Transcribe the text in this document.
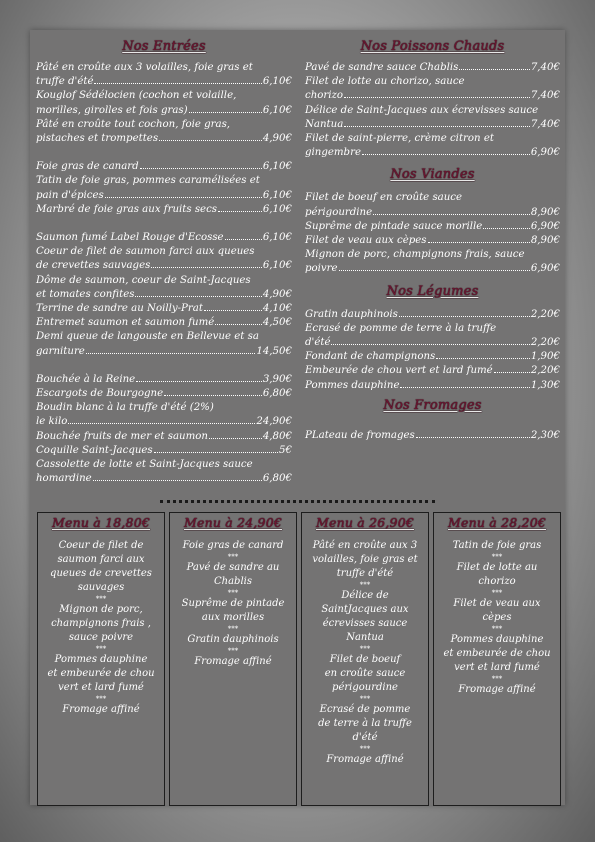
Nos Entrées
Pâté en croûte aux 3 volailles, foie gras et
truffe d'été	6,10€
Kouglof Sédélocien (cochon et volaille,
morilles, girolles et fois gras)	6,10€
Pâté en croûte tout cochon, foie gras,
pistaches et trompettes	4,90€
Foie gras de canard	6,10€
Tatin de foie gras, pommes caramélisées et
pain d'épices	6,10€
Marbré de foie gras aux fruits secs	6,10€
Saumon fumé Label Rouge d'Ecosse	6,10€
Coeur de filet de saumon farci aux queues
de crevettes sauvages	6,10€
Dôme de saumon, coeur de Saint-Jacques
et tomates confites	4,90€
Terrine de sandre au Noilly-Prat	4,10€
Entremet saumon et saumon fumé	4,50€
Demi queue de langouste en Bellevue et sa
garniture	14,50€
Bouchée à la Reine	3,90€
Escargots de Bourgogne	6,80€
Boudin blanc à la truffe d'été (2%)
le kilo	24,90€
Bouchée fruits de mer et saumon	4,80€
Coquille Saint-Jacques	5€
Cassolette de lotte et Saint-Jacques sauce
homardine	6,80€
Nos Poissons Chauds
Pavé de sandre sauce Chablis	7,40€
Filet de lotte au chorizo, sauce
chorizo	7,40€
Délice de Saint-Jacques aux écrevisses sauce
Nantua	7,40€
Filet de saint-pierre, crème citron et
gingembre	6,90€
Nos Viandes
Filet de boeuf en croûte sauce
périgourdine	8,90€
Suprême de pintade sauce morille	6,90€
Filet de veau aux cèpes	8,90€
Mignon de porc, champignons frais, sauce
poivre	6,90€
Nos Légumes
Gratin dauphinois	2,20€
Ecrasé de pomme de terre à la truffe
d'été	2,20€
Fondant de champignons	1,90€
Embeurée de chou vert et lard fumé	2,20€
Pommes dauphine	1,30€
Nos Fromages
PLateau de fromages	2,30€
Menu à 18,80€
Coeur de filet de
saumon farci aux
queues de crevettes
sauvages
***
Mignon de porc,
champignons frais ,
sauce poivre
***
Pommes dauphine
et embeurée de chou
vert et lard fumé
***
Fromage affiné
Menu à 24,90€
Foie gras de canard
***
Pavé de sandre au
Chablis
***
Suprême de pintade
aux morilles
***
Gratin dauphinois
***
Fromage affiné
Menu à 26,90€
Pâté en croûte aux 3
volailles, foie gras et
truffe d'été
***
Délice de
SaintJacques aux
écrevisses sauce
Nantua
***
Filet de boeuf
en croûte sauce
périgourdine
***
Ecrasé de pomme
de terre à la truffe
d'été
***
Fromage affiné
Menu à 28,20€
Tatin de foie gras
***
Filet de lotte au
chorizo
***
Filet de veau aux
cèpes
***
Pommes dauphine
et embeurée de chou
vert et lard fumé
***
Fromage affiné
